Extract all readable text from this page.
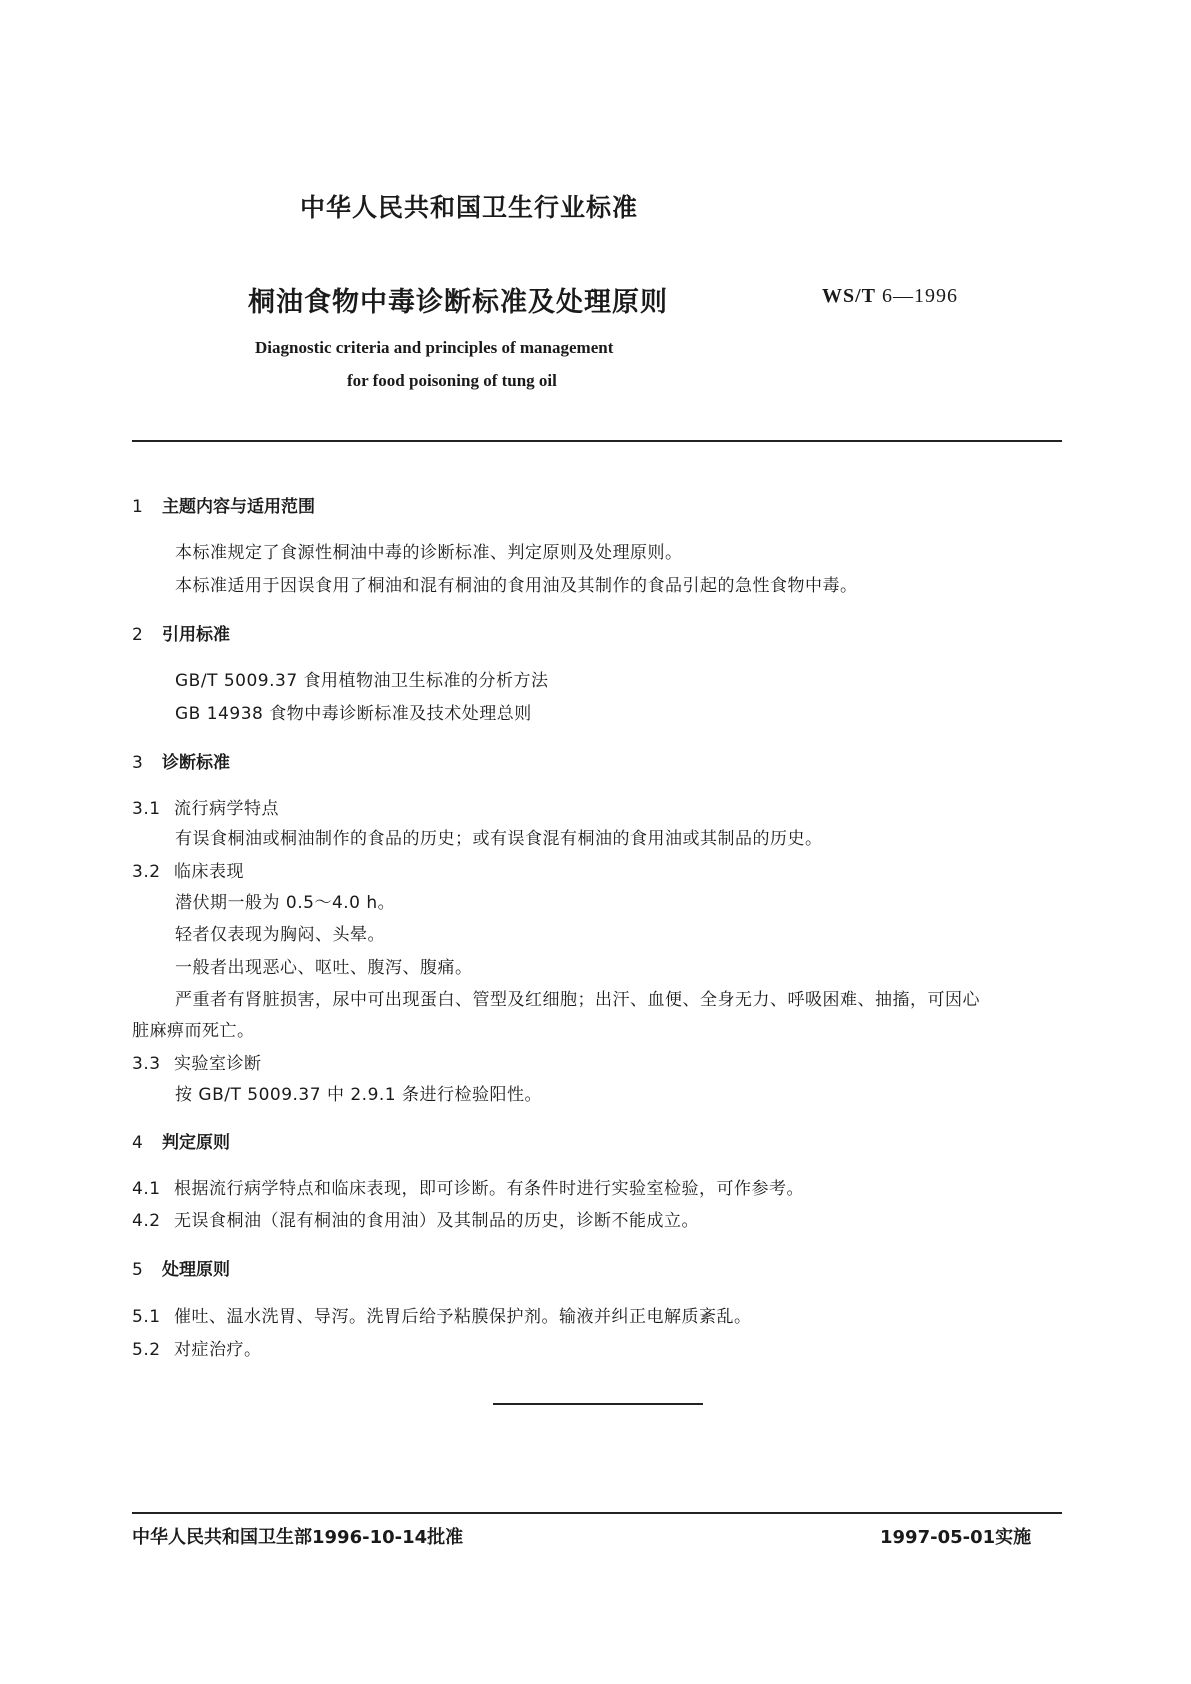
中华人民共和国卫生行业标准
桐油食物中毒诊断标准及处理原则	WS/T 6—1996
Diagnostic criteria and principles of management
for food poisoning of tung oil
1 主题内容与适用范围
本标准规定了食源性桐油中毒的诊断标准、判定原则及处理原则。
本标准适用于因误食用了桐油和混有桐油的食用油及其制作的食品引起的急性食物中毒。
2 引用标准
GB/T 5009.37 食用植物油卫生标准的分析方法
GB 14938 食物中毒诊断标准及技术处理总则
3 诊断标准
3.1 流行病学特点
有误食桐油或桐油制作的食品的历史；或有误食混有桐油的食用油或其制品的历史。
3.2 临床表现
潜伏期一般为 0.5～4.0 h。
轻者仅表现为胸闷、头晕。
一般者出现恶心、呕吐、腹泻、腹痛。
严重者有肾脏损害，尿中可出现蛋白、管型及红细胞；出汗、血便、全身无力、呼吸困难、抽搐，可因心
脏麻痹而死亡。
3.3 实验室诊断
按 GB/T 5009.37 中 2.9.1 条进行检验阳性。
4 判定原则
4.1 根据流行病学特点和临床表现，即可诊断。有条件时进行实验室检验，可作参考。
4.2 无误食桐油（混有桐油的食用油）及其制品的历史，诊断不能成立。
5 处理原则
5.1 催吐、温水洗胃、导泻。洗胃后给予粘膜保护剂。输液并纠正电解质紊乱。
5.2 对症治疗。
中华人民共和国卫生部1996-10-14批准	1997-05-01实施
